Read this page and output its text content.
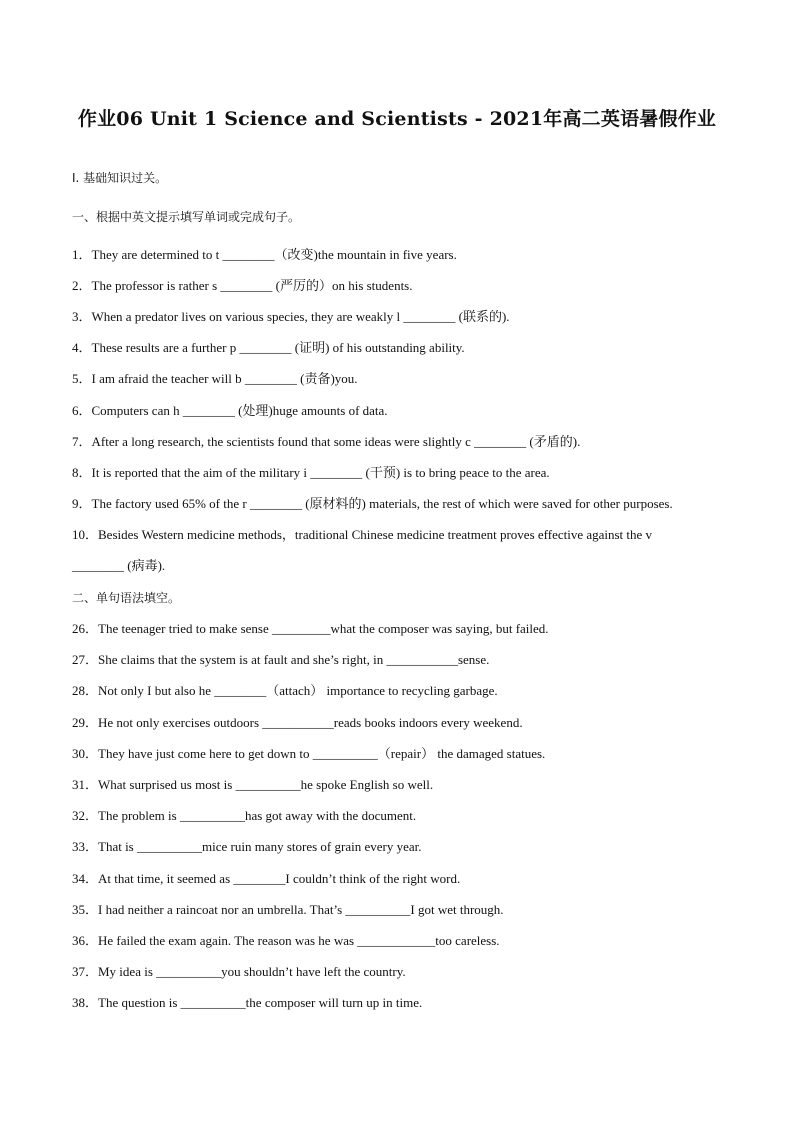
作业06 Unit 1 Science and Scientists - 2021年高二英语暑假作业
I. 基础知识过关。
一、根据中英文提示填写单词或完成句子。
1．They are determined to t ________（改变)the mountain in five years.
2．The professor is rather s ________ (严厉的）on his students.
3．When a predator lives on various species, they are weakly l ________ (联系的).
4．These results are a further p ________ (证明) of his outstanding ability.
5．I am afraid the teacher will b ________ (责备)you.
6．Computers can h ________ (处理)huge amounts of data.
7．After a long research, the scientists found that some ideas were slightly c ________ (矛盾的).
8．It is reported that the aim of the military i ________ (干预) is to bring peace to the area.
9．The factory used 65% of the r ________ (原材料的) materials, the rest of which were saved for other purposes.
10．Besides Western medicine methods，traditional Chinese medicine treatment proves effective against the v
________ (病毒).
二、单句语法填空。
26．The teenager tried to make sense _________what the composer was saying, but failed.
27．She claims that the system is at fault and she’s right, in ___________sense.
28．Not only I but also he ________（attach） importance to recycling garbage.
29．He not only exercises outdoors ___________reads books indoors every weekend.
30．They have just come here to get down to __________（repair） the damaged statues.
31．What surprised us most is __________he spoke English so well.
32．The problem is __________has got away with the document.
33．That is __________mice ruin many stores of grain every year.
34．At that time, it seemed as ________I couldn’t think of the right word.
35．I had neither a raincoat nor an umbrella. That’s __________I got wet through.
36．He failed the exam again. The reason was he was ____________too careless.
37．My idea is __________you shouldn’t have left the country.
38．The question is __________the composer will turn up in time.
